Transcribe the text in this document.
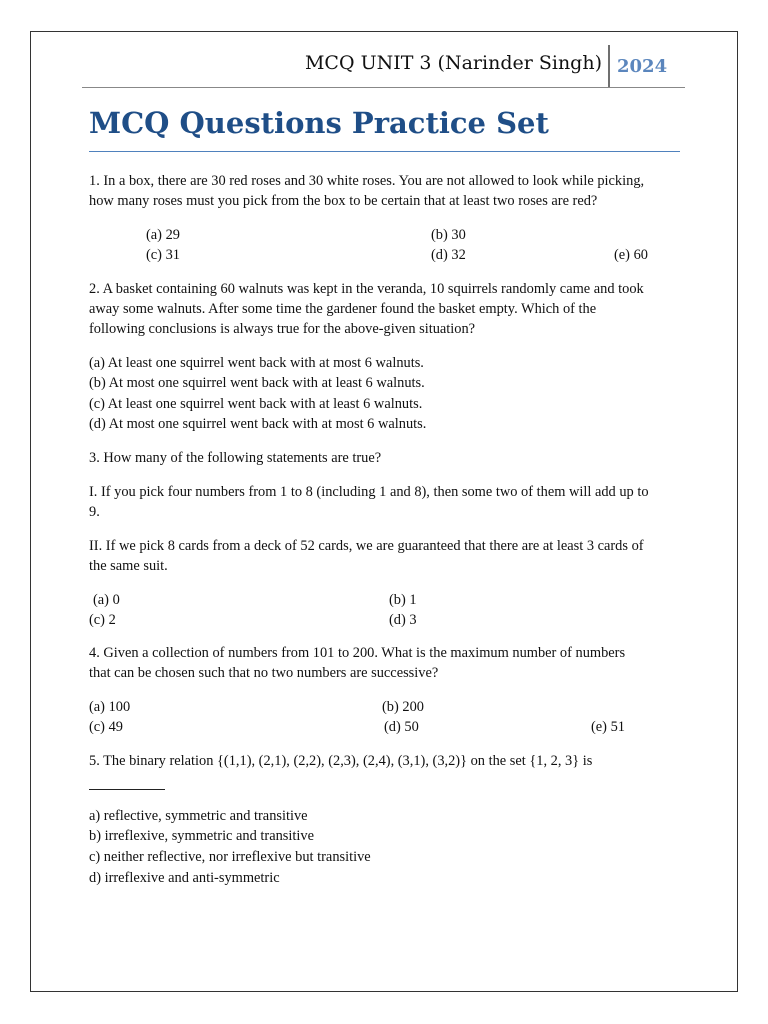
MCQ UNIT 3 (Narinder Singh) 2024
MCQ Questions Practice Set
1. In a box, there are 30 red roses and 30 white roses. You are not allowed to look while picking,
how many roses must you pick from the box to be certain that at least two roses are red?
(a) 29	(b) 30
(c) 31	(d) 32	(e) 60
2. A basket containing 60 walnuts was kept in the veranda, 10 squirrels randomly came and took
away some walnuts. After some time the gardener found the basket empty. Which of the
following conclusions is always true for the above-given situation?
(a) At least one squirrel went back with at most 6 walnuts.
(b) At most one squirrel went back with at least 6 walnuts.
(c) At least one squirrel went back with at least 6 walnuts.
(d) At most one squirrel went back with at most 6 walnuts.
3. How many of the following statements are true?
I. If you pick four numbers from 1 to 8 (including 1 and 8), then some two of them will add up to
9.
II. If we pick 8 cards from a deck of 52 cards, we are guaranteed that there are at least 3 cards of
the same suit.
(a) 0	(b) 1
(c) 2	(d) 3
4. Given a collection of numbers from 101 to 200. What is the maximum number of numbers
that can be chosen such that no two numbers are successive?
(a) 100	(b) 200
(c) 49	(d) 50	(e) 51
5. The binary relation {(1,1), (2,1), (2,2), (2,3), (2,4), (3,1), (3,2)} on the set {1, 2, 3} is
a) reflective, symmetric and transitive
b) irreflexive, symmetric and transitive
c) neither reflective, nor irreflexive but transitive
d) irreflexive and anti-symmetric
